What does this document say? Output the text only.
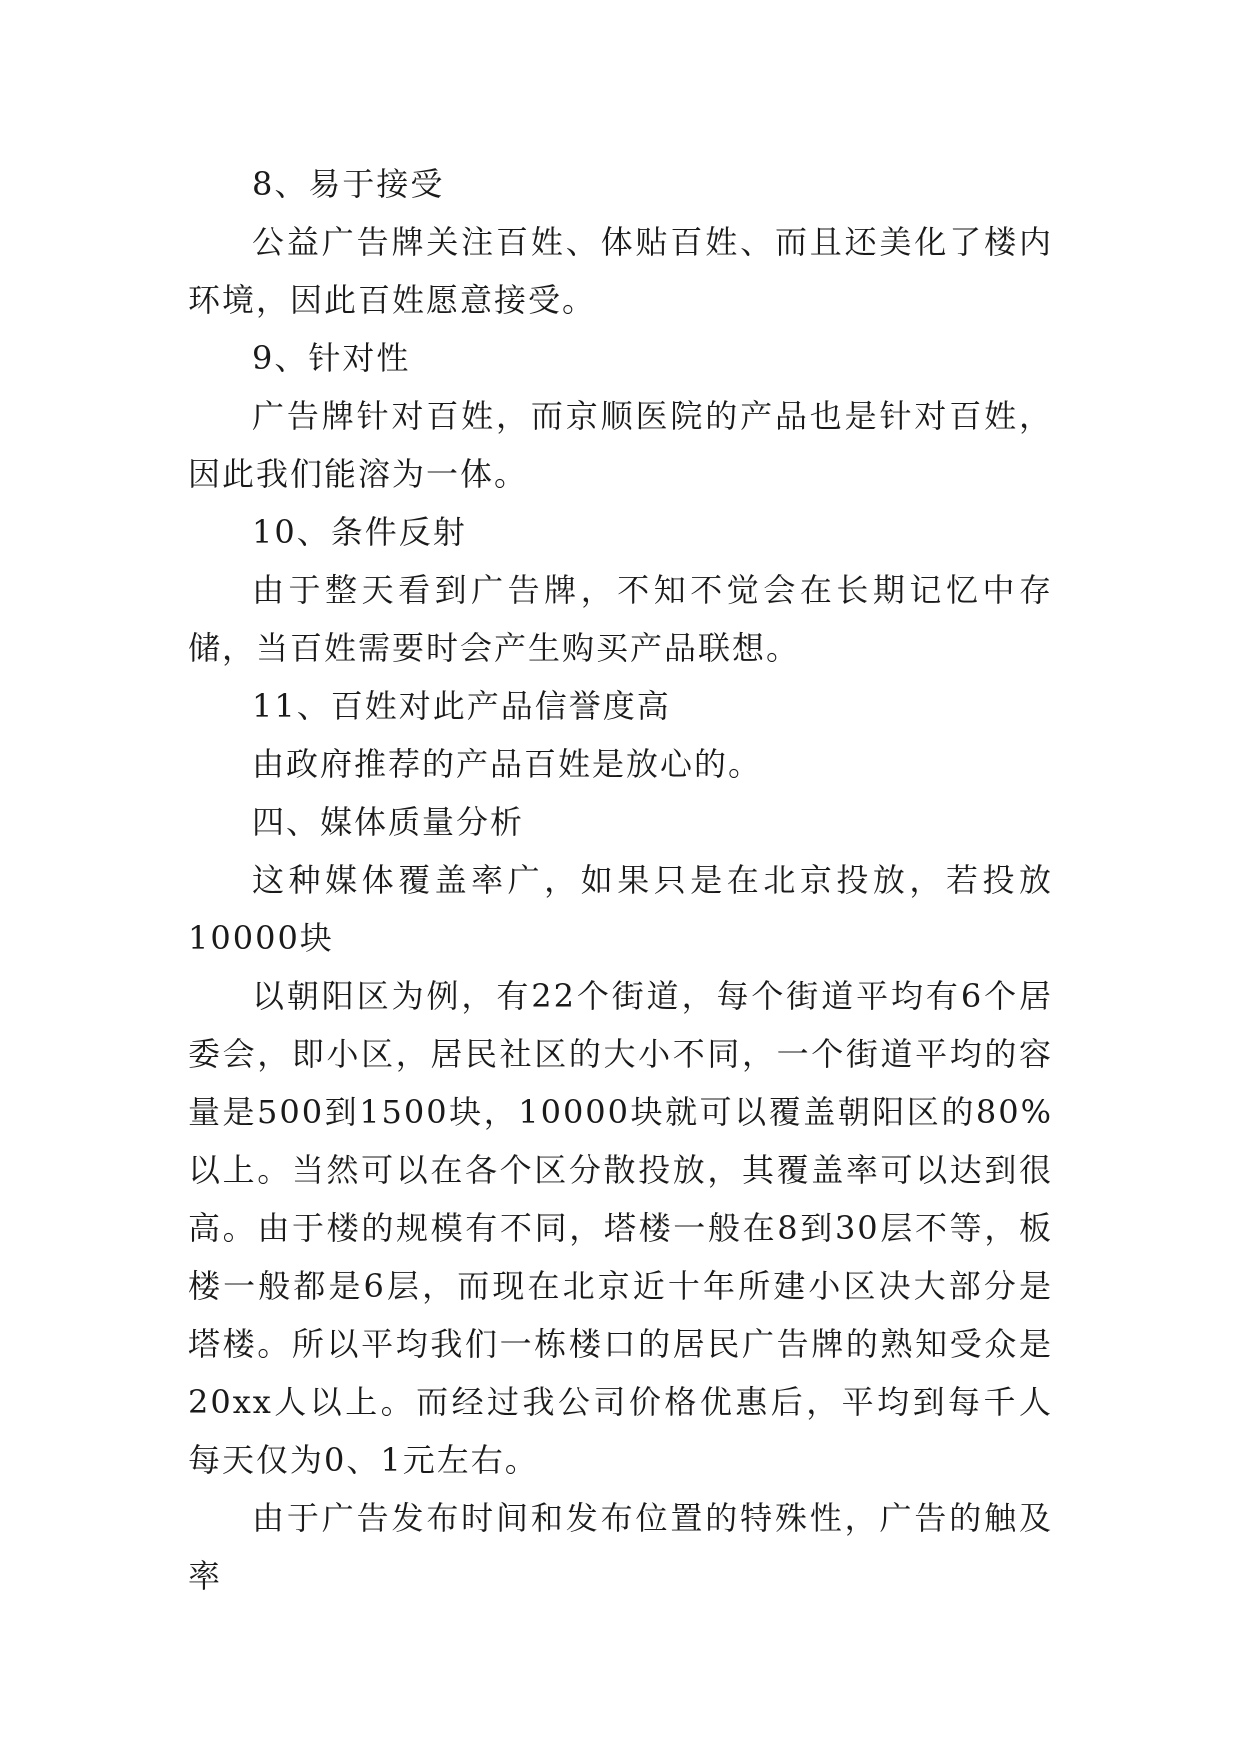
8、易于接受

公益广告牌关注百姓、体贴百姓、而且还美化了楼内环境，因此百姓愿意接受。

9、针对性

广告牌针对百姓，而京顺医院的产品也是针对百姓，因此我们能溶为一体。

10、条件反射

由于整天看到广告牌，不知不觉会在长期记忆中存储，当百姓需要时会产生购买产品联想。

11、百姓对此产品信誉度高

由政府推荐的产品百姓是放心的。

四、媒体质量分析

这种媒体覆盖率广，如果只是在北京投放，若投放10000块

以朝阳区为例，有22个街道，每个街道平均有6个居委会，即小区，居民社区的大小不同，一个街道平均的容量是500到1500块，10000块就可以覆盖朝阳区的80%以上。当然可以在各个区分散投放，其覆盖率可以达到很高。由于楼的规模有不同，塔楼一般在8到30层不等，板楼一般都是6层，而现在北京近十年所建小区决大部分是塔楼。所以平均我们一栋楼口的居民广告牌的熟知受众是20xx人以上。而经过我公司价格优惠后，平均到每千人每天仅为0、1元左右。

由于广告发布时间和发布位置的特殊性，广告的触及率
